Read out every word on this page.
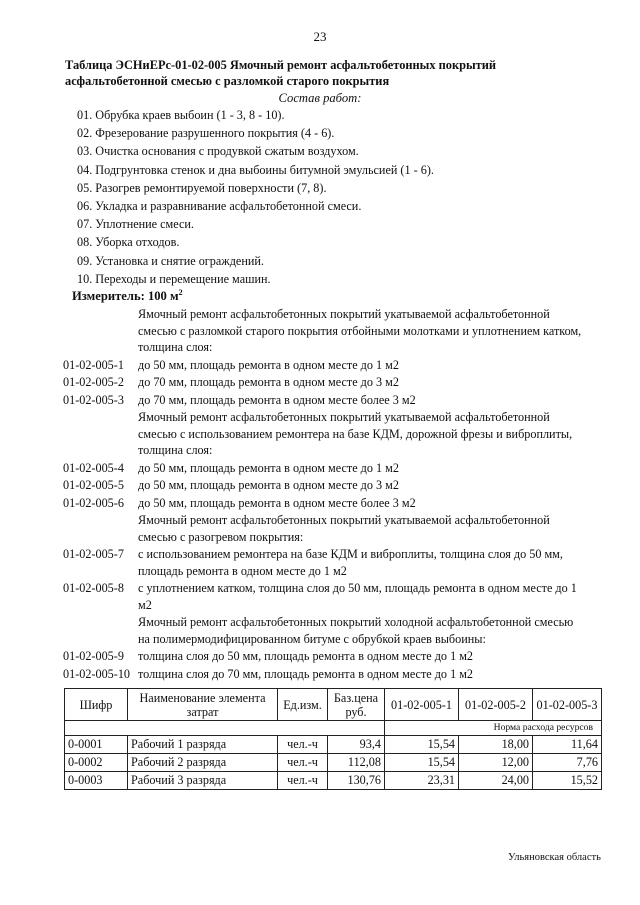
23
Таблица ЭСНиЕРс-01-02-005 Ямочный ремонт асфальтобетонных покрытий асфальтобетонной смесью с разломкой старого покрытия
Состав работ:
01. Обрубка краев выбоин (1 - 3, 8 - 10).
02. Фрезерование разрушенного покрытия (4 - 6).
03. Очистка основания с продувкой сжатым воздухом.
04. Подгрунтовка стенок и дна выбоины битумной эмульсией (1 - 6).
05. Разогрев ремонтируемой поверхности (7, 8).
06. Укладка и разравнивание асфальтобетонной смеси.
07. Уплотнение смеси.
08. Уборка отходов.
09. Установка и снятие ограждений.
10. Переходы и перемещение машин.
Измеритель: 100 $м^2$
Ямочный ремонт асфальтобетонных покрытий укатываемой асфальтобетонной смесью с разломкой старого покрытия отбойными молотками и уплотнением катком, толщина слоя:
01-02-005-1	до 50 мм, площадь ремонта в одном месте до 1 м2
01-02-005-2	до 70 мм, площадь ремонта в одном месте до 3 м2
01-02-005-3	до 70 мм, площадь ремонта в одном месте более 3 м2
Ямочный ремонт асфальтобетонных покрытий укатываемой асфальтобетонной смесью с использованием ремонтера на базе КДМ, дорожной фрезы и виброплиты, толщина слоя:
01-02-005-4	до 50 мм, площадь ремонта в одном месте до 1 м2
01-02-005-5	до 50 мм, площадь ремонта в одном месте до 3 м2
01-02-005-6	до 50 мм, площадь ремонта в одном месте более 3 м2
Ямочный ремонт асфальтобетонных покрытий укатываемой асфальтобетонной смесью с разогревом покрытия:
01-02-005-7	с использованием ремонтера на базе КДМ и виброплиты, толщина слоя до 50 мм, площадь ремонта в одном месте до 1 м2
01-02-005-8	с уплотнением катком, толщина слоя до 50 мм, площадь ремонта в одном месте до 1 м2
Ямочный ремонт асфальтобетонных покрытий холодной асфальтобетонной смесью на полимермодифицированном битуме с обрубкой краев выбоины:
01-02-005-9	толщина слоя до 50 мм, площадь ремонта в одном месте до 1 м2
01-02-005-10 толщина слоя до 70 мм, площадь ремонта в одном месте до 1 м2
Шифр	Наименование элемента затрат	Ед.изм.	Баз.цена руб.	01-02-005-1	01-02-005-2	01-02-005-3
				Норма расхода ресурсов		
0-0001	Рабочий 1 разряда	чел.-ч	93,4	15,54	18,00	11,64
0-0002	Рабочий 2 разряда	чел.-ч	112,08	15,54	12,00	7,76
0-0003	Рабочий 3 разряда	чел.-ч	130,76	23,31	24,00	15,52
Ульяновская область
